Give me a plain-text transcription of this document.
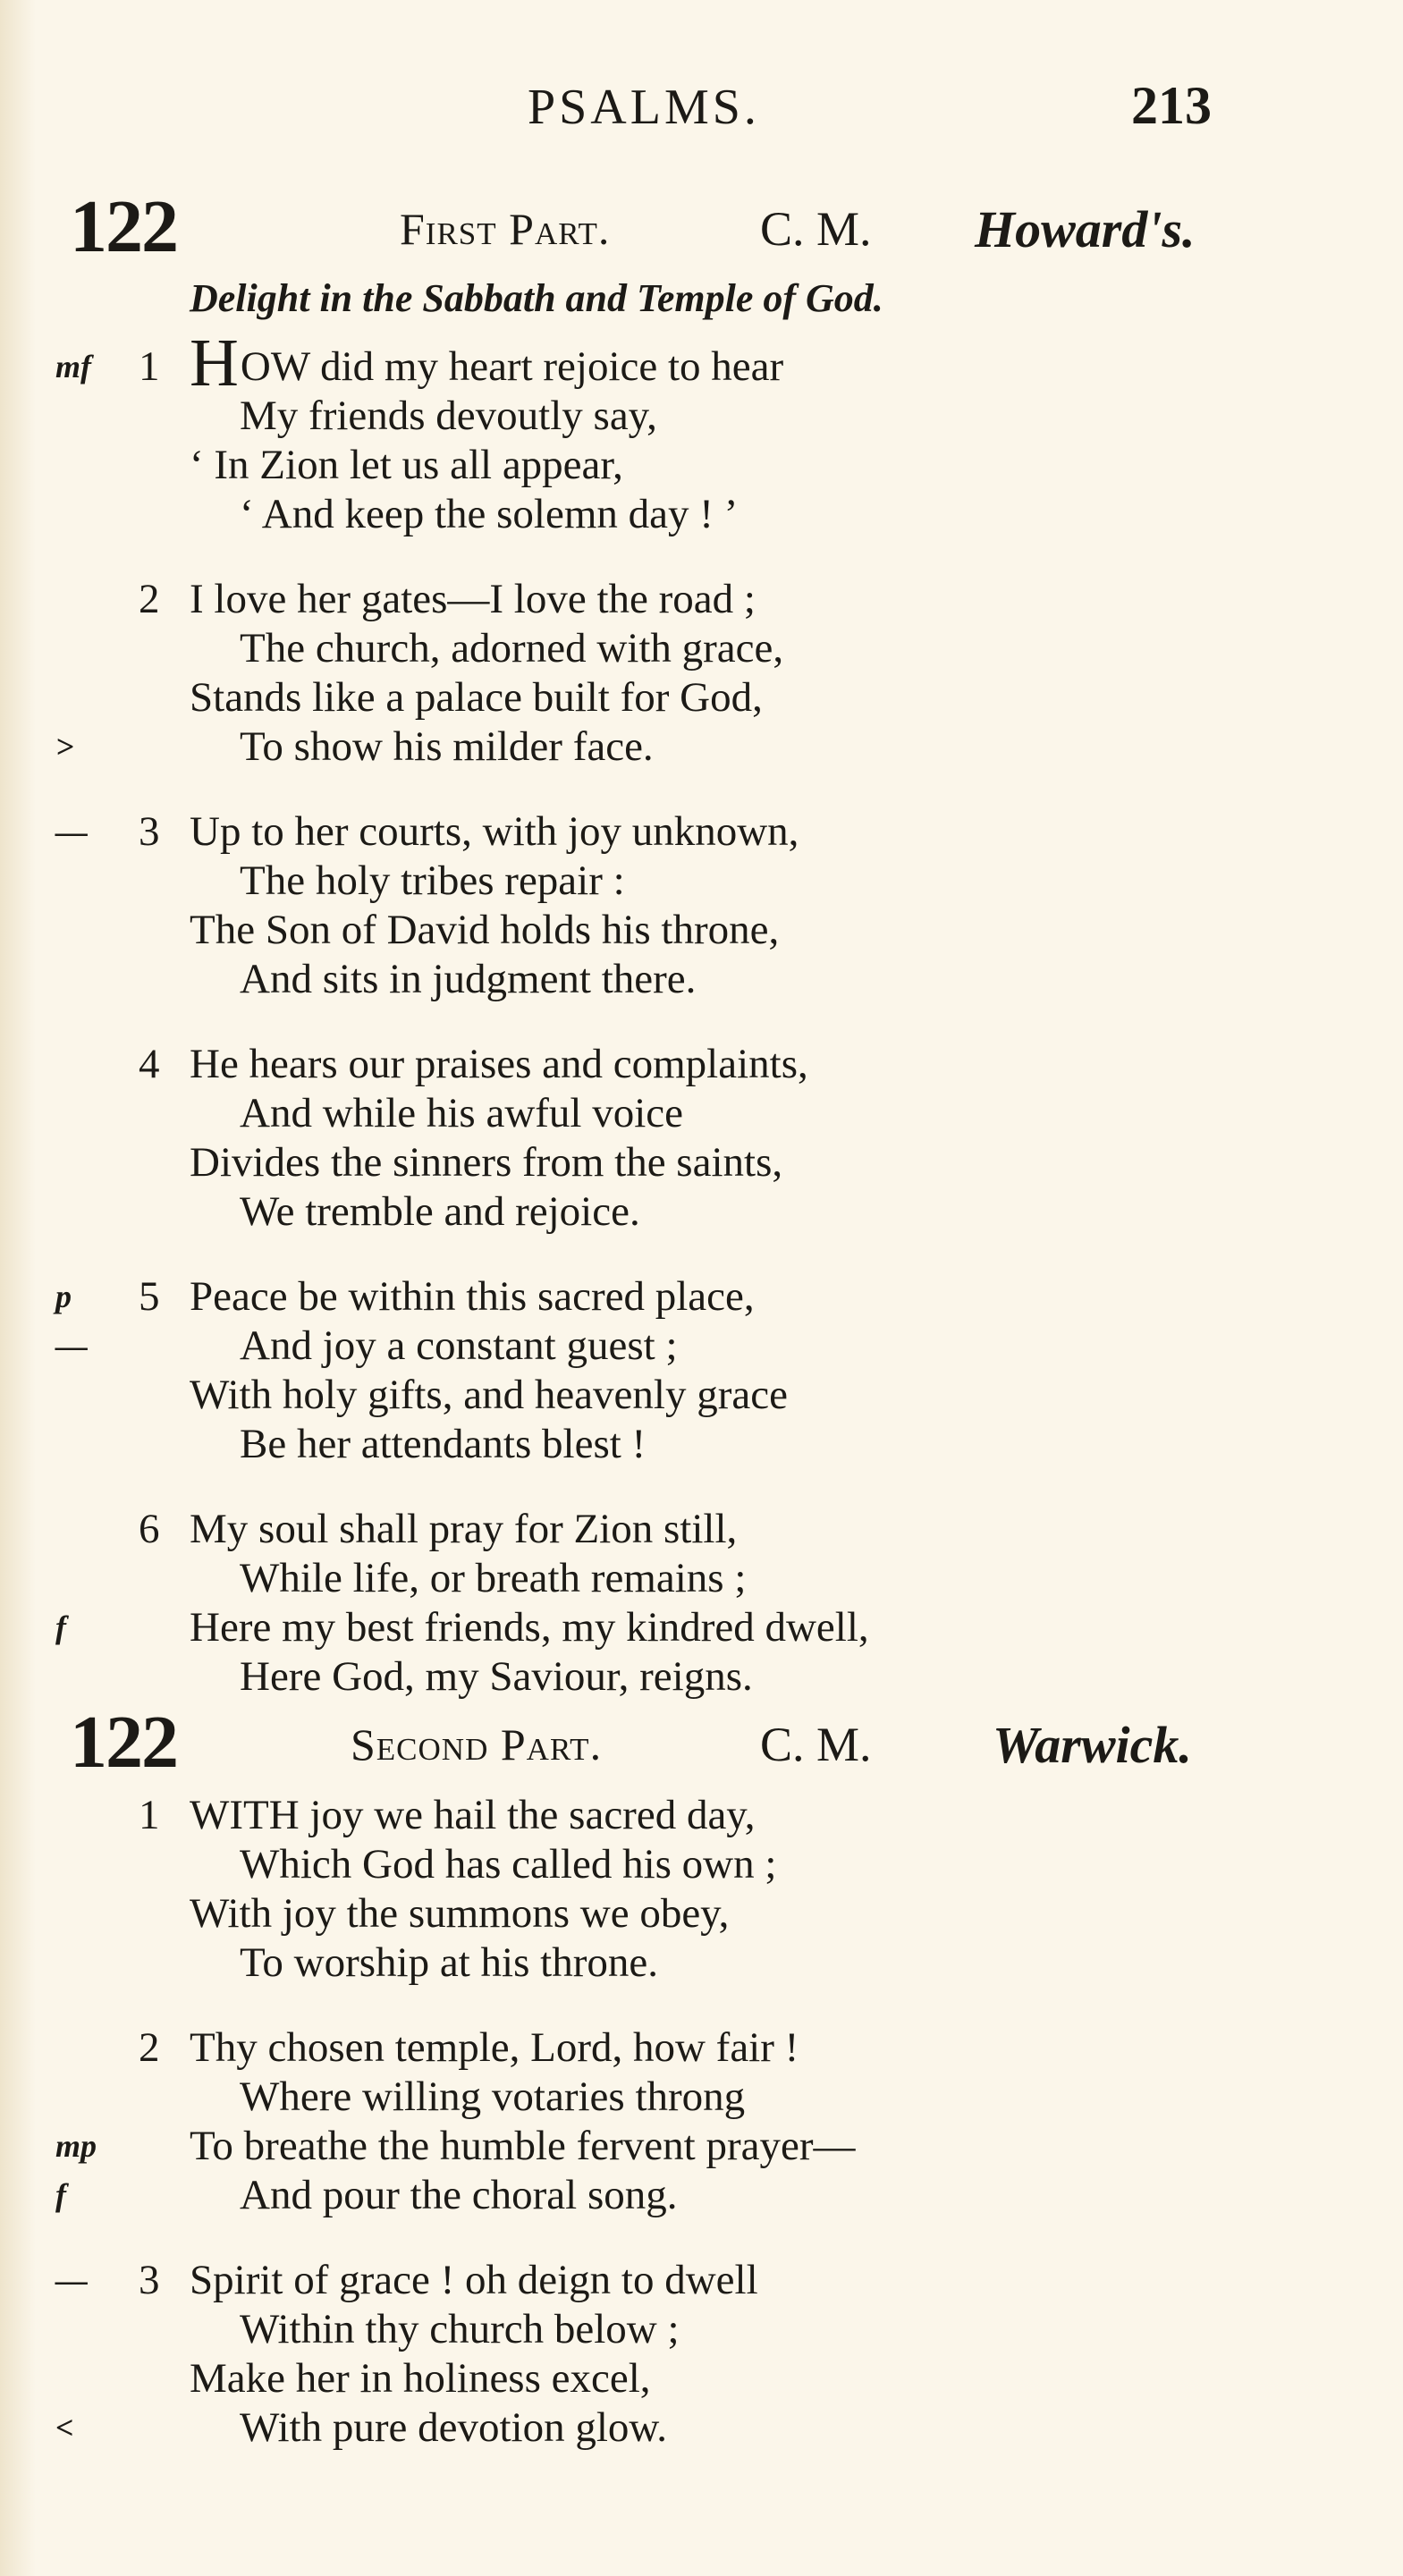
PSALMS.	213
122	First Part.	C. M. Howard's.
Delight in the Sabbath and Temple of God.
mf 1 HOW did my heart rejoice to hear
My friends devoutly say,
‘ In Zion let us all appear,
‘ And keep the solemn day ! ’
2 I love her gates—I love the road ;
The church, adorned with grace,
Stands like a palace built for God,
>	To show his milder face.
— 3 Up to her courts, with joy unknown,
The holy tribes repair :
The Son of David holds his throne,
And sits in judgment there.
4 He hears our praises and complaints,
And while his awful voice
Divides the sinners from the saints,
We tremble and rejoice.
p 5 Peace be within this sacred place,
—	And joy a constant guest ;
With holy gifts, and heavenly grace
Be her attendants blest !
6 My soul shall pray for Zion still,
While life, or breath remains ;
f	Here my best friends, my kindred dwell,
Here God, my Saviour, reigns.
122	Second Part.	C. M. Warwick.
1 WITH joy we hail the sacred day,
Which God has called his own ;
With joy the summons we obey,
To worship at his throne.
2 Thy chosen temple, Lord, how fair !
Where willing votaries throng
mp To breathe the humble fervent prayer—
f	And pour the choral song.
— 3 Spirit of grace ! oh deign to dwell
Within thy church below ;
Make her in holiness excel,
<	With pure devotion glow.
